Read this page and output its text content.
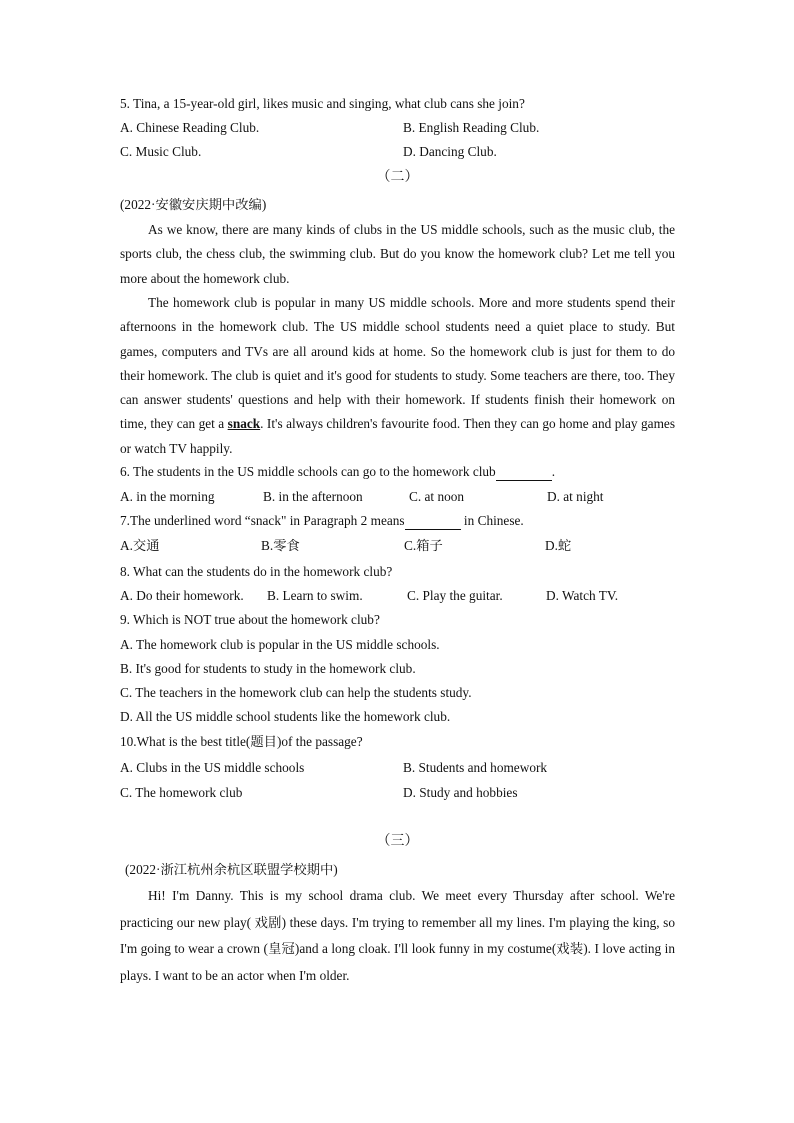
5. Tina, a 15-year-old girl, likes music and singing, what club cans she join?
A. Chinese Reading Club.	B. English Reading Club.
C. Music Club.	D. Dancing Club.
（二）
(2022·安徽安庆期中改编)
As we know, there are many kinds of clubs in the US middle schools, such as the music club, the sports club, the chess club, the swimming club. But do you know the homework club? Let me tell you more about the homework club.
The homework club is popular in many US middle schools. More and more students spend their afternoons in the homework club. The US middle school students need a quiet place to study. But games, computers and TVs are all around kids at home. So the homework club is just for them to do their homework. The club is quiet and it's good for students to study. Some teachers are there, too. They can answer students' questions and help with their homework. If students finish their homework on time, they can get a snack. It's always children's favourite food. Then they can go home and play games or watch TV happily.
6. The students in the US middle schools can go to the homework club	.
A. in the morning	B. in the afternoon	C. at noon	D. at night
7.The underlined word “snack" in Paragraph 2 means	in Chinese.
A.交通	B.零食	C.箱子	D.蛇
8. What can the students do in the homework club?
A. Do their homework. B. Learn to swim.	C. Play the guitar.	D. Watch TV.
9. Which is NOT true about the homework club?
A. The homework club is popular in the US middle schools.
B. It's good for students to study in the homework club.
C. The teachers in the homework club can help the students study.
D. All the US middle school students like the homework club.
10.What is the best title(题目)of the passage?
A. Clubs in the US middle schools	B. Students and homework
C. The homework club	D. Study and hobbies
（三）
(2022·浙江杭州余杭区联盟学校期中)
Hi! I'm Danny. This is my school drama club. We meet every Thursday after school. We're practicing our new play( 戏剧) these days. I'm trying to remember all my lines. I'm playing the king, so I'm going to wear a crown (皇冠)and a long cloak. I'll look funny in my costume(戏装). I love acting in plays. I want to be an actor when I'm older.
